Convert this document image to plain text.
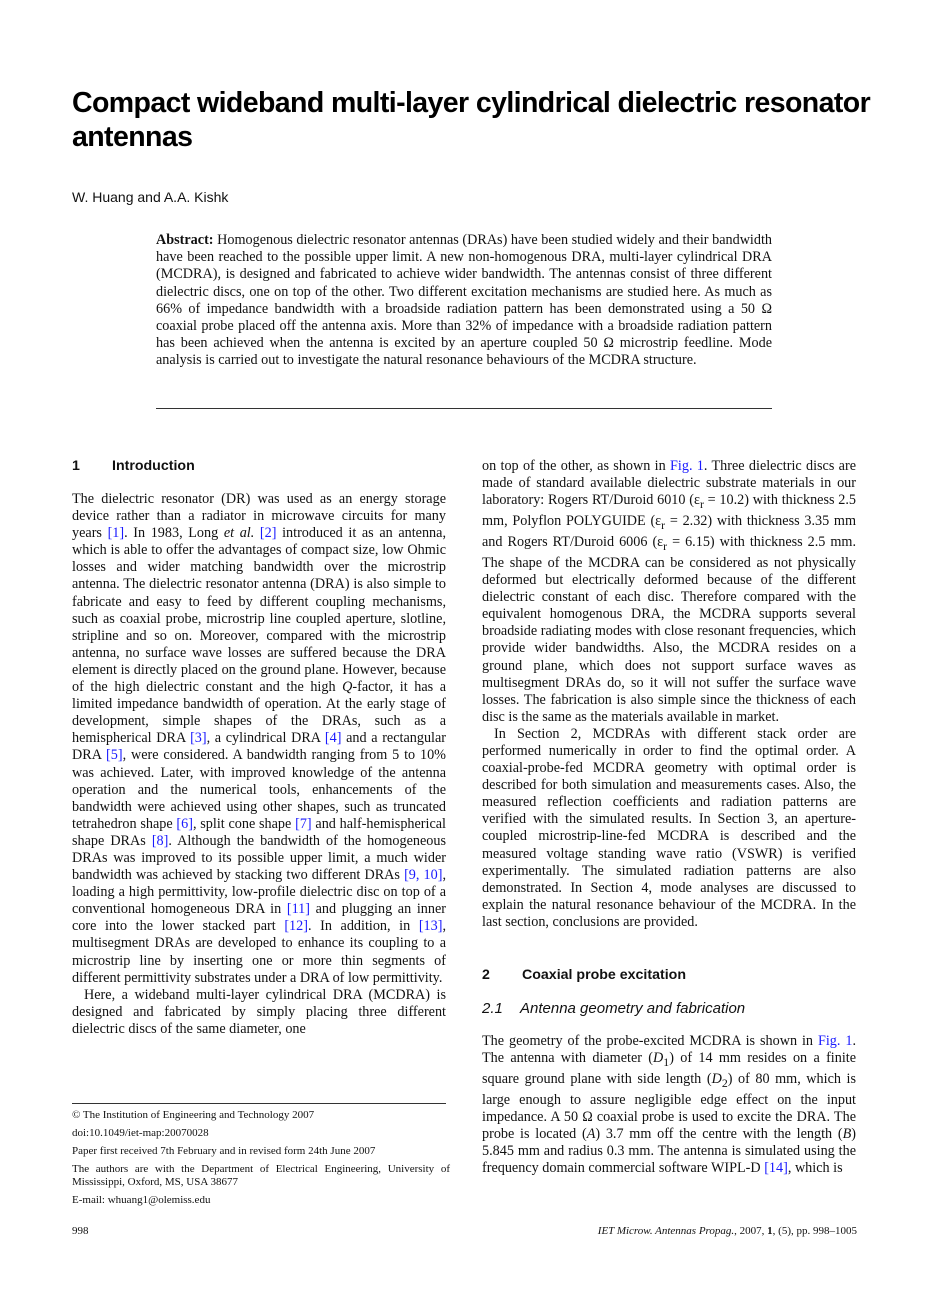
Compact wideband multi-layer cylindrical dielectric resonator antennas
W. Huang and A.A. Kishk
Abstract: Homogenous dielectric resonator antennas (DRAs) have been studied widely and their bandwidth have been reached to the possible upper limit. A new non-homogenous DRA, multi-layer cylindrical DRA (MCDRA), is designed and fabricated to achieve wider bandwidth. The antennas consist of three different dielectric discs, one on top of the other. Two different excitation mechanisms are studied here. As much as 66% of impedance bandwidth with a broadside radiation pattern has been demonstrated using a 50 Ω coaxial probe placed off the antenna axis. More than 32% of impedance with a broadside radiation pattern has been achieved when the antenna is excited by an aperture coupled 50 Ω microstrip feedline. Mode analysis is carried out to investigate the natural resonance behaviours of the MCDRA structure.
1 Introduction

The dielectric resonator (DR) was used as an energy storage device rather than a radiator in microwave circuits for many years [1]. In 1983, Long et al. [2] introduced it as an antenna, which is able to offer the advantages of compact size, low Ohmic losses and wider matching bandwidth over the microstrip antenna. The dielectric resonator antenna (DRA) is also simple to fabricate and easy to feed by different coupling mechanisms, such as coaxial probe, microstrip line coupled aperture, slotline, stripline and so on. Moreover, compared with the microstrip antenna, no surface wave losses are suffered because the DRA element is directly placed on the ground plane. However, because of the high dielectric constant and the high Q-factor, it has a limited impedance bandwidth of operation. At the early stage of development, simple shapes of the DRAs, such as a hemispherical DRA [3], a cylindrical DRA [4] and a rectangular DRA [5], were considered. A bandwidth ranging from 5 to 10% was achieved. Later, with improved knowledge of the antenna operation and the numerical tools, enhancements of the bandwidth were achieved using other shapes, such as truncated tetrahedron shape [6], split cone shape [7] and half-hemispherical shape DRAs [8]. Although the bandwidth of the homogeneous DRAs was improved to its possible upper limit, a much wider bandwidth was achieved by stacking two different DRAs [9, 10], loading a high permittivity, low-profile dielectric disc on top of a conventional homogeneous DRA in [11] and plugging an inner core into the lower stacked part [12]. In addition, in [13], multisegment DRAs are developed to enhance its coupling to a microstrip line by inserting one or more thin segments of different permittivity substrates under a DRA of low permittivity.

Here, a wideband multi-layer cylindrical DRA (MCDRA) is designed and fabricated by simply placing three different dielectric discs of the same diameter, one

© The Institution of Engineering and Technology 2007
doi:10.1049/iet-map:20070028
Paper first received 7th February and in revised form 24th June 2007
The authors are with the Department of Electrical Engineering, University of Mississippi, Oxford, MS, USA 38677
E-mail: whuang1@olemiss.edu

on top of the other, as shown in Fig. 1. Three dielectric discs are made of standard available dielectric substrate materials in our laboratory: Rogers RT/Duroid 6010 $(\varepsilon_r = 10.2)$ with thickness 2.5 mm, Polyflon POLYGUIDE $(\varepsilon_r = 2.32)$ with thickness 3.35 mm and Rogers RT/Duroid 6006 $(\varepsilon_r = 6.15)$ with thickness 2.5 mm. The shape of the MCDRA can be considered as not physically deformed but electrically deformed because of the different dielectric constant of each disc. Therefore compared with the equivalent homogenous DRA, the MCDRA supports several broadside radiating modes with close resonant frequencies, which provide wider bandwidths. Also, the MCDRA resides on a ground plane, which does not support surface waves as multisegment DRAs do, so it will not suffer the surface wave losses. The fabrication is also simple since the thickness of each disc is the same as the materials available in market.

In Section 2, MCDRAs with different stack order are performed numerically in order to find the optimal order. A coaxial-probe-fed MCDRA geometry with optimal order is described for both simulation and measurements cases. Also, the measured reflection coefficients and radiation patterns are verified with the simulated results. In Section 3, an aperture-coupled microstrip-line-fed MCDRA is described and the measured voltage standing wave ratio (VSWR) is verified experimentally. The simulated radiation patterns are also demonstrated. In Section 4, mode analyses are discussed to explain the natural resonance behaviour of the MCDRA. In the last section, conclusions are provided.

2 Coaxial probe excitation
2.1 Antenna geometry and fabrication

The geometry of the probe-excited MCDRA is shown in Fig. 1. The antenna with diameter $(D_1)$ of 14 mm resides on a finite square ground plane with side length $(D_2)$ of 80 mm, which is large enough to assure negligible edge effect on the input impedance. A 50 Ω coaxial probe is used to excite the DRA. The probe is located (A) 3.7 mm off the centre with the length (B) 5.845 mm and radius 0.3 mm. The antenna is simulated using the frequency domain commercial software WIPL-D [14], which is

998	IET Microw. Antennas Propag., 2007, 1, (5), pp. 998–1005
